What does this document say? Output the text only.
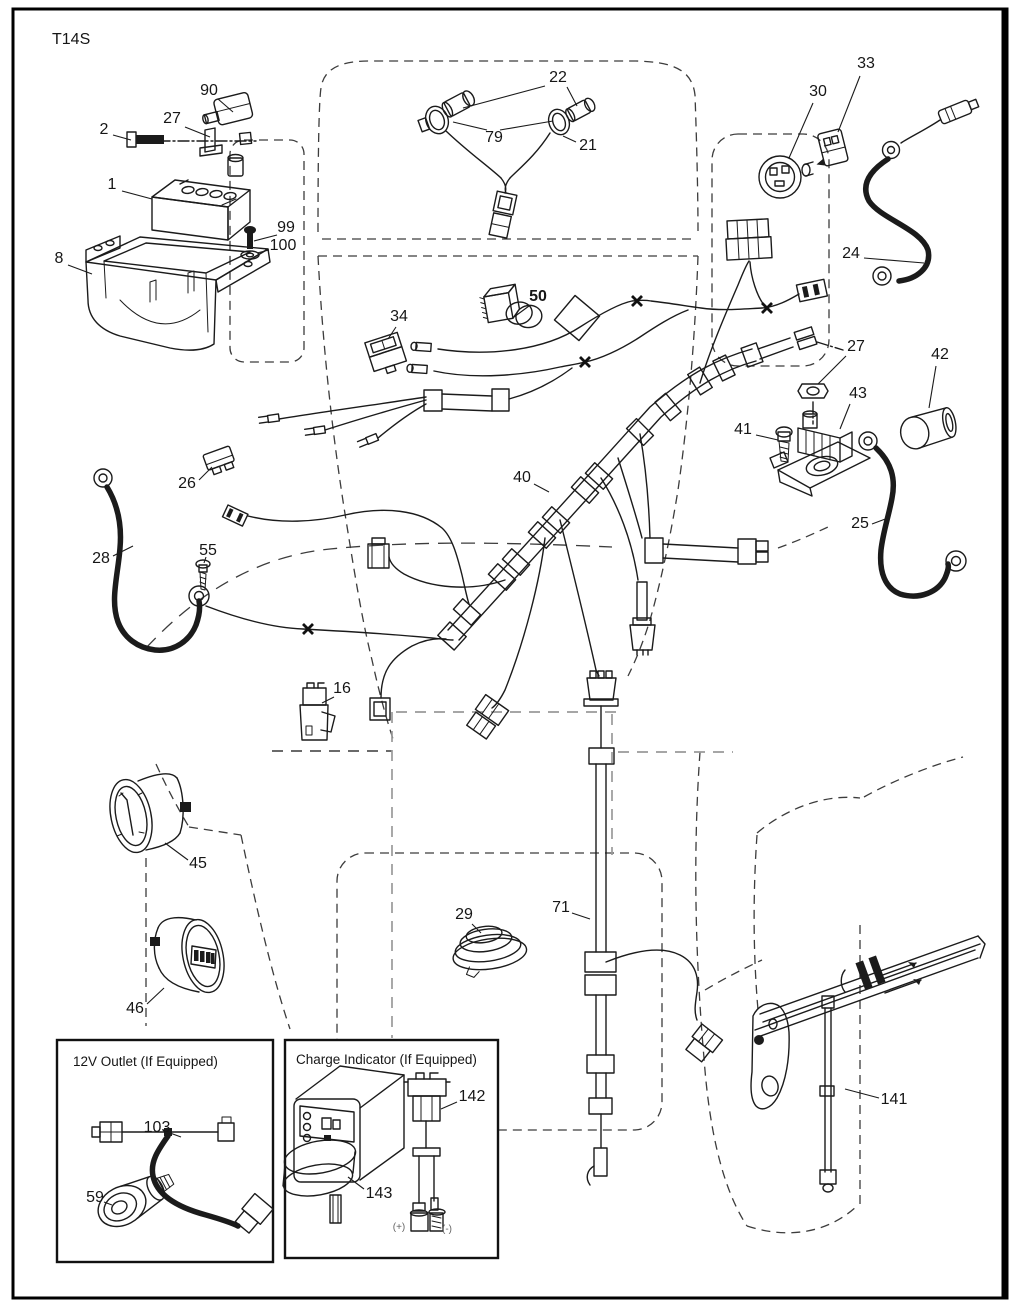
T14S
90
2
27
1
8
99
100
22
79	21
30
33
24
34
50
26	40
28	55
27
41
43
42
25
16
45
46
29	71
141
103
59
142
143
(+)	(-)
12V Outlet (If Equipped)	Charge Indicator (If Equipped)
